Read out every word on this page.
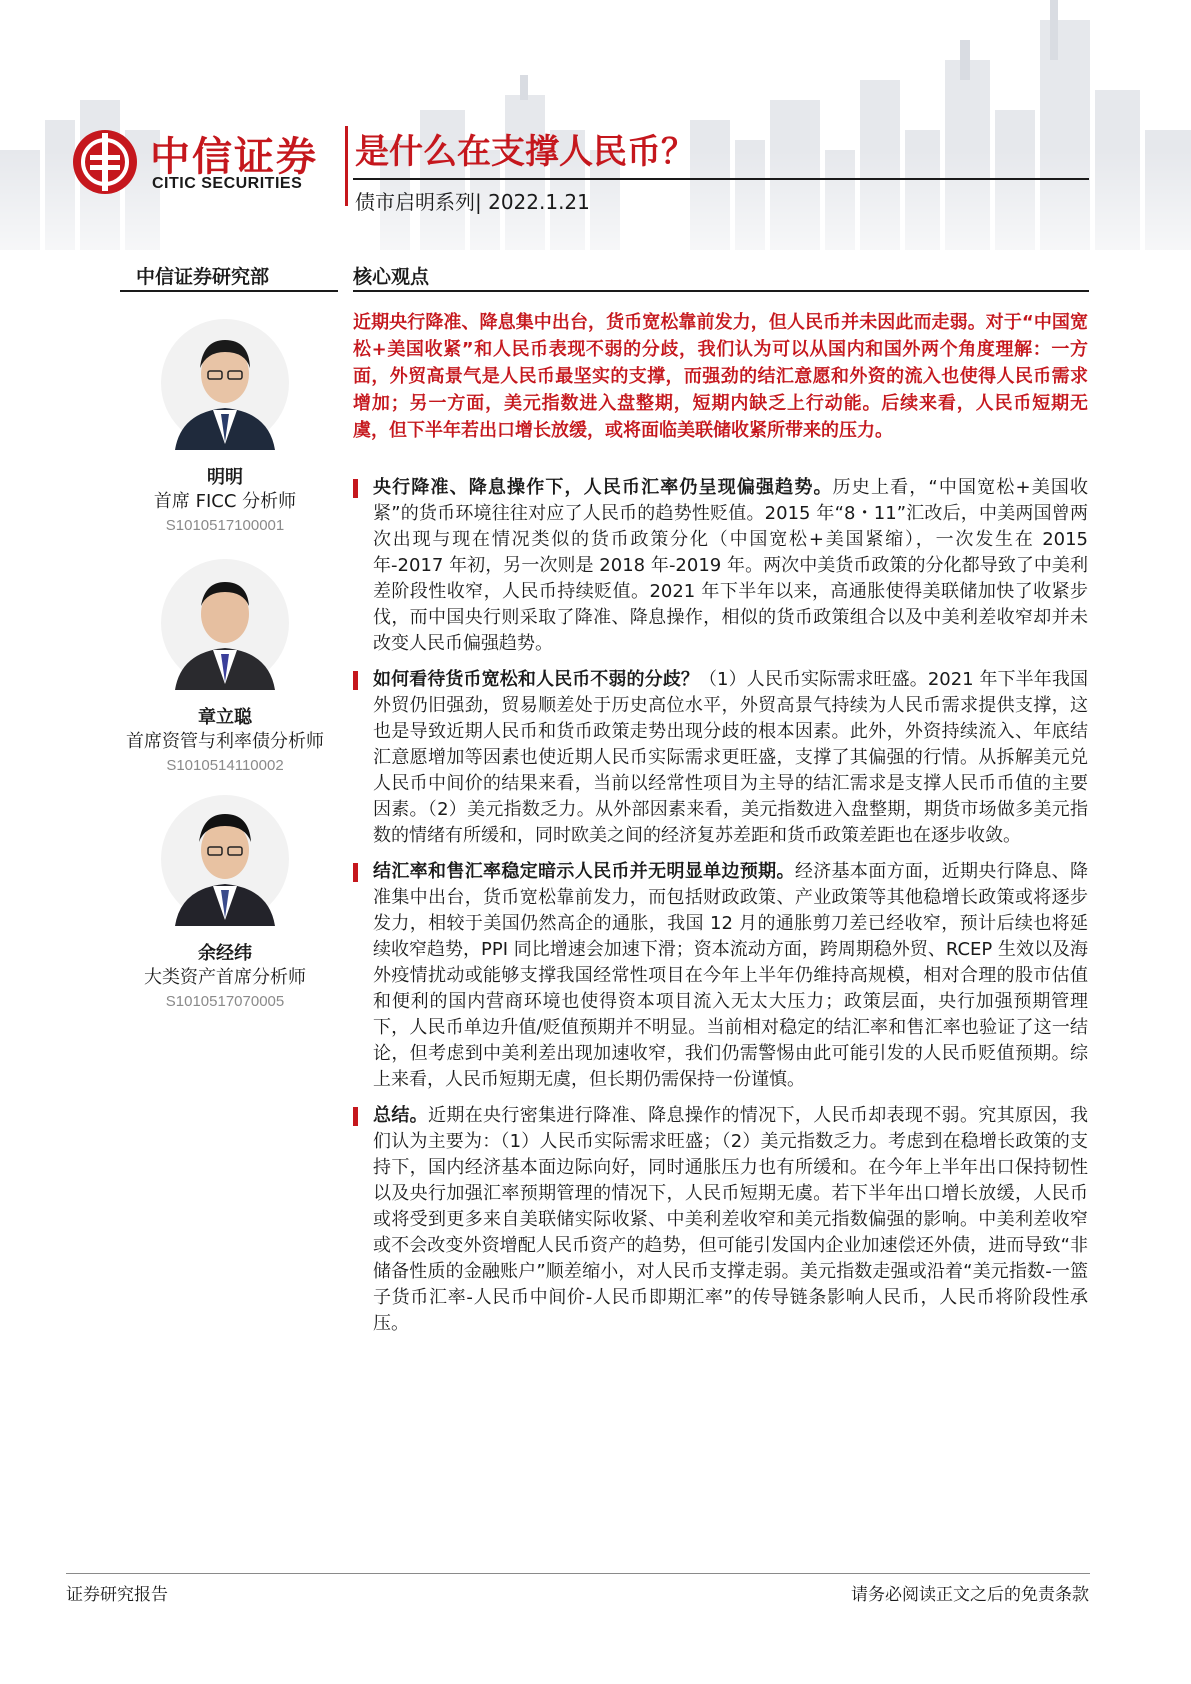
中信证券
CITIC SECURITIES
是什么在支撑人民币？
债市启明系列| 2022.1.21
中信证券研究部	核心观点
近期央行降准、降息集中出台，货币宽松靠前发力，但人民币并未因此而走弱。对于“中国宽松+美国收紧”和人民币表现不弱的分歧，我们认为可以从国内和国外两个角度理解：一方面，外贸高景气是人民币最坚实的支撑，而强劲的结汇意愿和外资的流入也使得人民币需求增加；另一方面，美元指数进入盘整期，短期内缺乏上行动能。后续来看，人民币短期无虞，但下半年若出口增长放缓，或将面临美联储收紧所带来的压力。
明明
首席 FICC 分析师
S1010517100001
章立聪
首席资管与利率债分析师
S1010514110002
余经纬
大类资产首席分析师
S1010517070005
央行降准、降息操作下，人民币汇率仍呈现偏强趋势。历史上看，“中国宽松+美国收紧”的货币环境往往对应了人民币的趋势性贬值。2015 年“8・11”汇改后，中美两国曾两次出现与现在情况类似的货币政策分化（中国宽松+美国紧缩），一次发生在 2015 年-2017 年初，另一次则是 2018 年-2019 年。两次中美货币政策的分化都导致了中美利差阶段性收窄，人民币持续贬值。2021 年下半年以来，高通胀使得美联储加快了收紧步伐，而中国央行则采取了降准、降息操作，相似的货币政策组合以及中美利差收窄却并未改变人民币偏强趋势。
如何看待货币宽松和人民币不弱的分歧？（1）人民币实际需求旺盛。2021 年下半年我国外贸仍旧强劲，贸易顺差处于历史高位水平，外贸高景气持续为人民币需求提供支撑，这也是导致近期人民币和货币政策走势出现分歧的根本因素。此外，外资持续流入、年底结汇意愿增加等因素也使近期人民币实际需求更旺盛，支撑了其偏强的行情。从拆解美元兑人民币中间价的结果来看，当前以经常性项目为主导的结汇需求是支撑人民币币值的主要因素。（2）美元指数乏力。从外部因素来看，美元指数进入盘整期，期货市场做多美元指数的情绪有所缓和，同时欧美之间的经济复苏差距和货币政策差距也在逐步收敛。
结汇率和售汇率稳定暗示人民币并无明显单边预期。经济基本面方面，近期央行降息、降准集中出台，货币宽松靠前发力，而包括财政政策、产业政策等其他稳增长政策或将逐步发力，相较于美国仍然高企的通胀，我国 12 月的通胀剪刀差已经收窄，预计后续也将延续收窄趋势，PPI 同比增速会加速下滑；资本流动方面，跨周期稳外贸、RCEP 生效以及海外疫情扰动或能够支撑我国经常性项目在今年上半年仍维持高规模，相对合理的股市估值和便利的国内营商环境也使得资本项目流入无太大压力；政策层面，央行加强预期管理下，人民币单边升值/贬值预期并不明显。当前相对稳定的结汇率和售汇率也验证了这一结论，但考虑到中美利差出现加速收窄，我们仍需警惕由此可能引发的人民币贬值预期。综上来看，人民币短期无虞，但长期仍需保持一份谨慎。
总结。近期在央行密集进行降准、降息操作的情况下，人民币却表现不弱。究其原因，我们认为主要为：（1）人民币实际需求旺盛；（2）美元指数乏力。考虑到在稳增长政策的支持下，国内经济基本面边际向好，同时通胀压力也有所缓和。在今年上半年出口保持韧性以及央行加强汇率预期管理的情况下，人民币短期无虞。若下半年出口增长放缓，人民币或将受到更多来自美联储实际收紧、中美利差收窄和美元指数偏强的影响。中美利差收窄或不会改变外资增配人民币资产的趋势，但可能引发国内企业加速偿还外债，进而导致“非储备性质的金融账户”顺差缩小，对人民币支撑走弱。美元指数走强或沿着“美元指数-一篮子货币汇率-人民币中间价-人民币即期汇率”的传导链条影响人民币，人民币将阶段性承压。
证券研究报告	请务必阅读正文之后的免责条款
